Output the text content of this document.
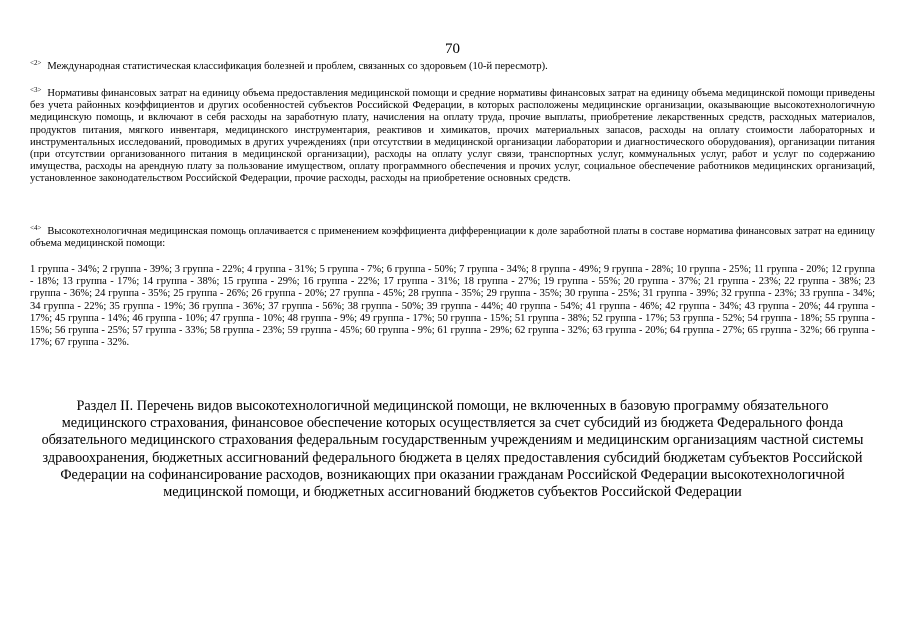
70
$^{<2>}$ Международная статистическая классификация болезней и проблем, связанных со здоровьем (10-й пересмотр).
$^{<3>}$ Нормативы финансовых затрат на единицу объема предоставления медицинской помощи и средние нормативы финансовых затрат на единицу объема медицинской помощи приведены без учета районных коэффициентов и других особенностей субъектов Российской Федерации, в которых расположены медицинские организации, оказывающие высокотехнологичную медицинскую помощь, и включают в себя расходы на заработную плату, начисления на оплату труда, прочие выплаты, приобретение лекарственных средств, расходных материалов, продуктов питания, мягкого инвентаря, медицинского инструментария, реактивов и химикатов, прочих материальных запасов, расходы на оплату стоимости лабораторных и инструментальных исследований, проводимых в других учреждениях (при отсутствии в медицинской организации лаборатории и диагностического оборудования), организации питания (при отсутствии организованного питания в медицинской организации), расходы на оплату услуг связи, транспортных услуг, коммунальных услуг, работ и услуг по содержанию имущества, расходы на арендную плату за пользование имуществом, оплату программного обеспечения и прочих услуг, социальное обеспечение работников медицинских организаций, установленное законодательством Российской Федерации, прочие расходы, расходы на приобретение основных средств.
$^{<4>}$ Высокотехнологичная медицинская помощь оплачивается с применением коэффициента дифференциации к доле заработной платы в составе норматива финансовых затрат на единицу объема медицинской помощи:
1 группа - 34%; 2 группа - 39%; 3 группа - 22%; 4 группа - 31%; 5 группа - 7%; 6 группа - 50%; 7 группа - 34%; 8 группа - 49%; 9 группа - 28%; 10 группа - 25%; 11 группа - 20%; 12 группа - 18%; 13 группа - 17%; 14 группа - 38%; 15 группа - 29%; 16 группа - 22%; 17 группа - 31%; 18 группа - 27%; 19 группа - 55%; 20 группа - 37%; 21 группа - 23%; 22 группа - 38%; 23 группа - 36%; 24 группа - 35%; 25 группа - 26%; 26 группа - 20%; 27 группа - 45%; 28 группа - 35%; 29 группа - 35%; 30 группа - 25%; 31 группа - 39%; 32 группа - 23%; 33 группа - 34%; 34 группа - 22%; 35 группа - 19%; 36 группа - 36%; 37 группа - 56%; 38 группа - 50%; 39 группа - 44%; 40 группа - 54%; 41 группа - 46%; 42 группа - 34%; 43 группа - 20%; 44 группа - 17%; 45 группа - 14%; 46 группа - 10%; 47 группа - 10%; 48 группа - 9%; 49 группа - 17%; 50 группа - 15%; 51 группа - 38%; 52 группа - 17%; 53 группа - 52%; 54 группа - 18%; 55 группа - 15%; 56 группа - 25%; 57 группа - 33%; 58 группа - 23%; 59 группа - 45%; 60 группа - 9%; 61 группа - 29%; 62 группа - 32%; 63 группа - 20%; 64 группа - 27%; 65 группа - 32%; 66 группа - 17%; 67 группа - 32%.
Раздел II. Перечень видов высокотехнологичной медицинской помощи, не включенных в базовую программу обязательного медицинского страхования, финансовое обеспечение которых осуществляется за счет субсидий из бюджета Федерального фонда обязательного медицинского страхования федеральным государственным учреждениям и медицинским организациям частной системы здравоохранения, бюджетных ассигнований федерального бюджета в целях предоставления субсидий бюджетам субъектов Российской Федерации на софинансирование расходов, возникающих при оказании гражданам Российской Федерации высокотехнологичной медицинской помощи, и бюджетных ассигнований бюджетов субъектов Российской Федерации
